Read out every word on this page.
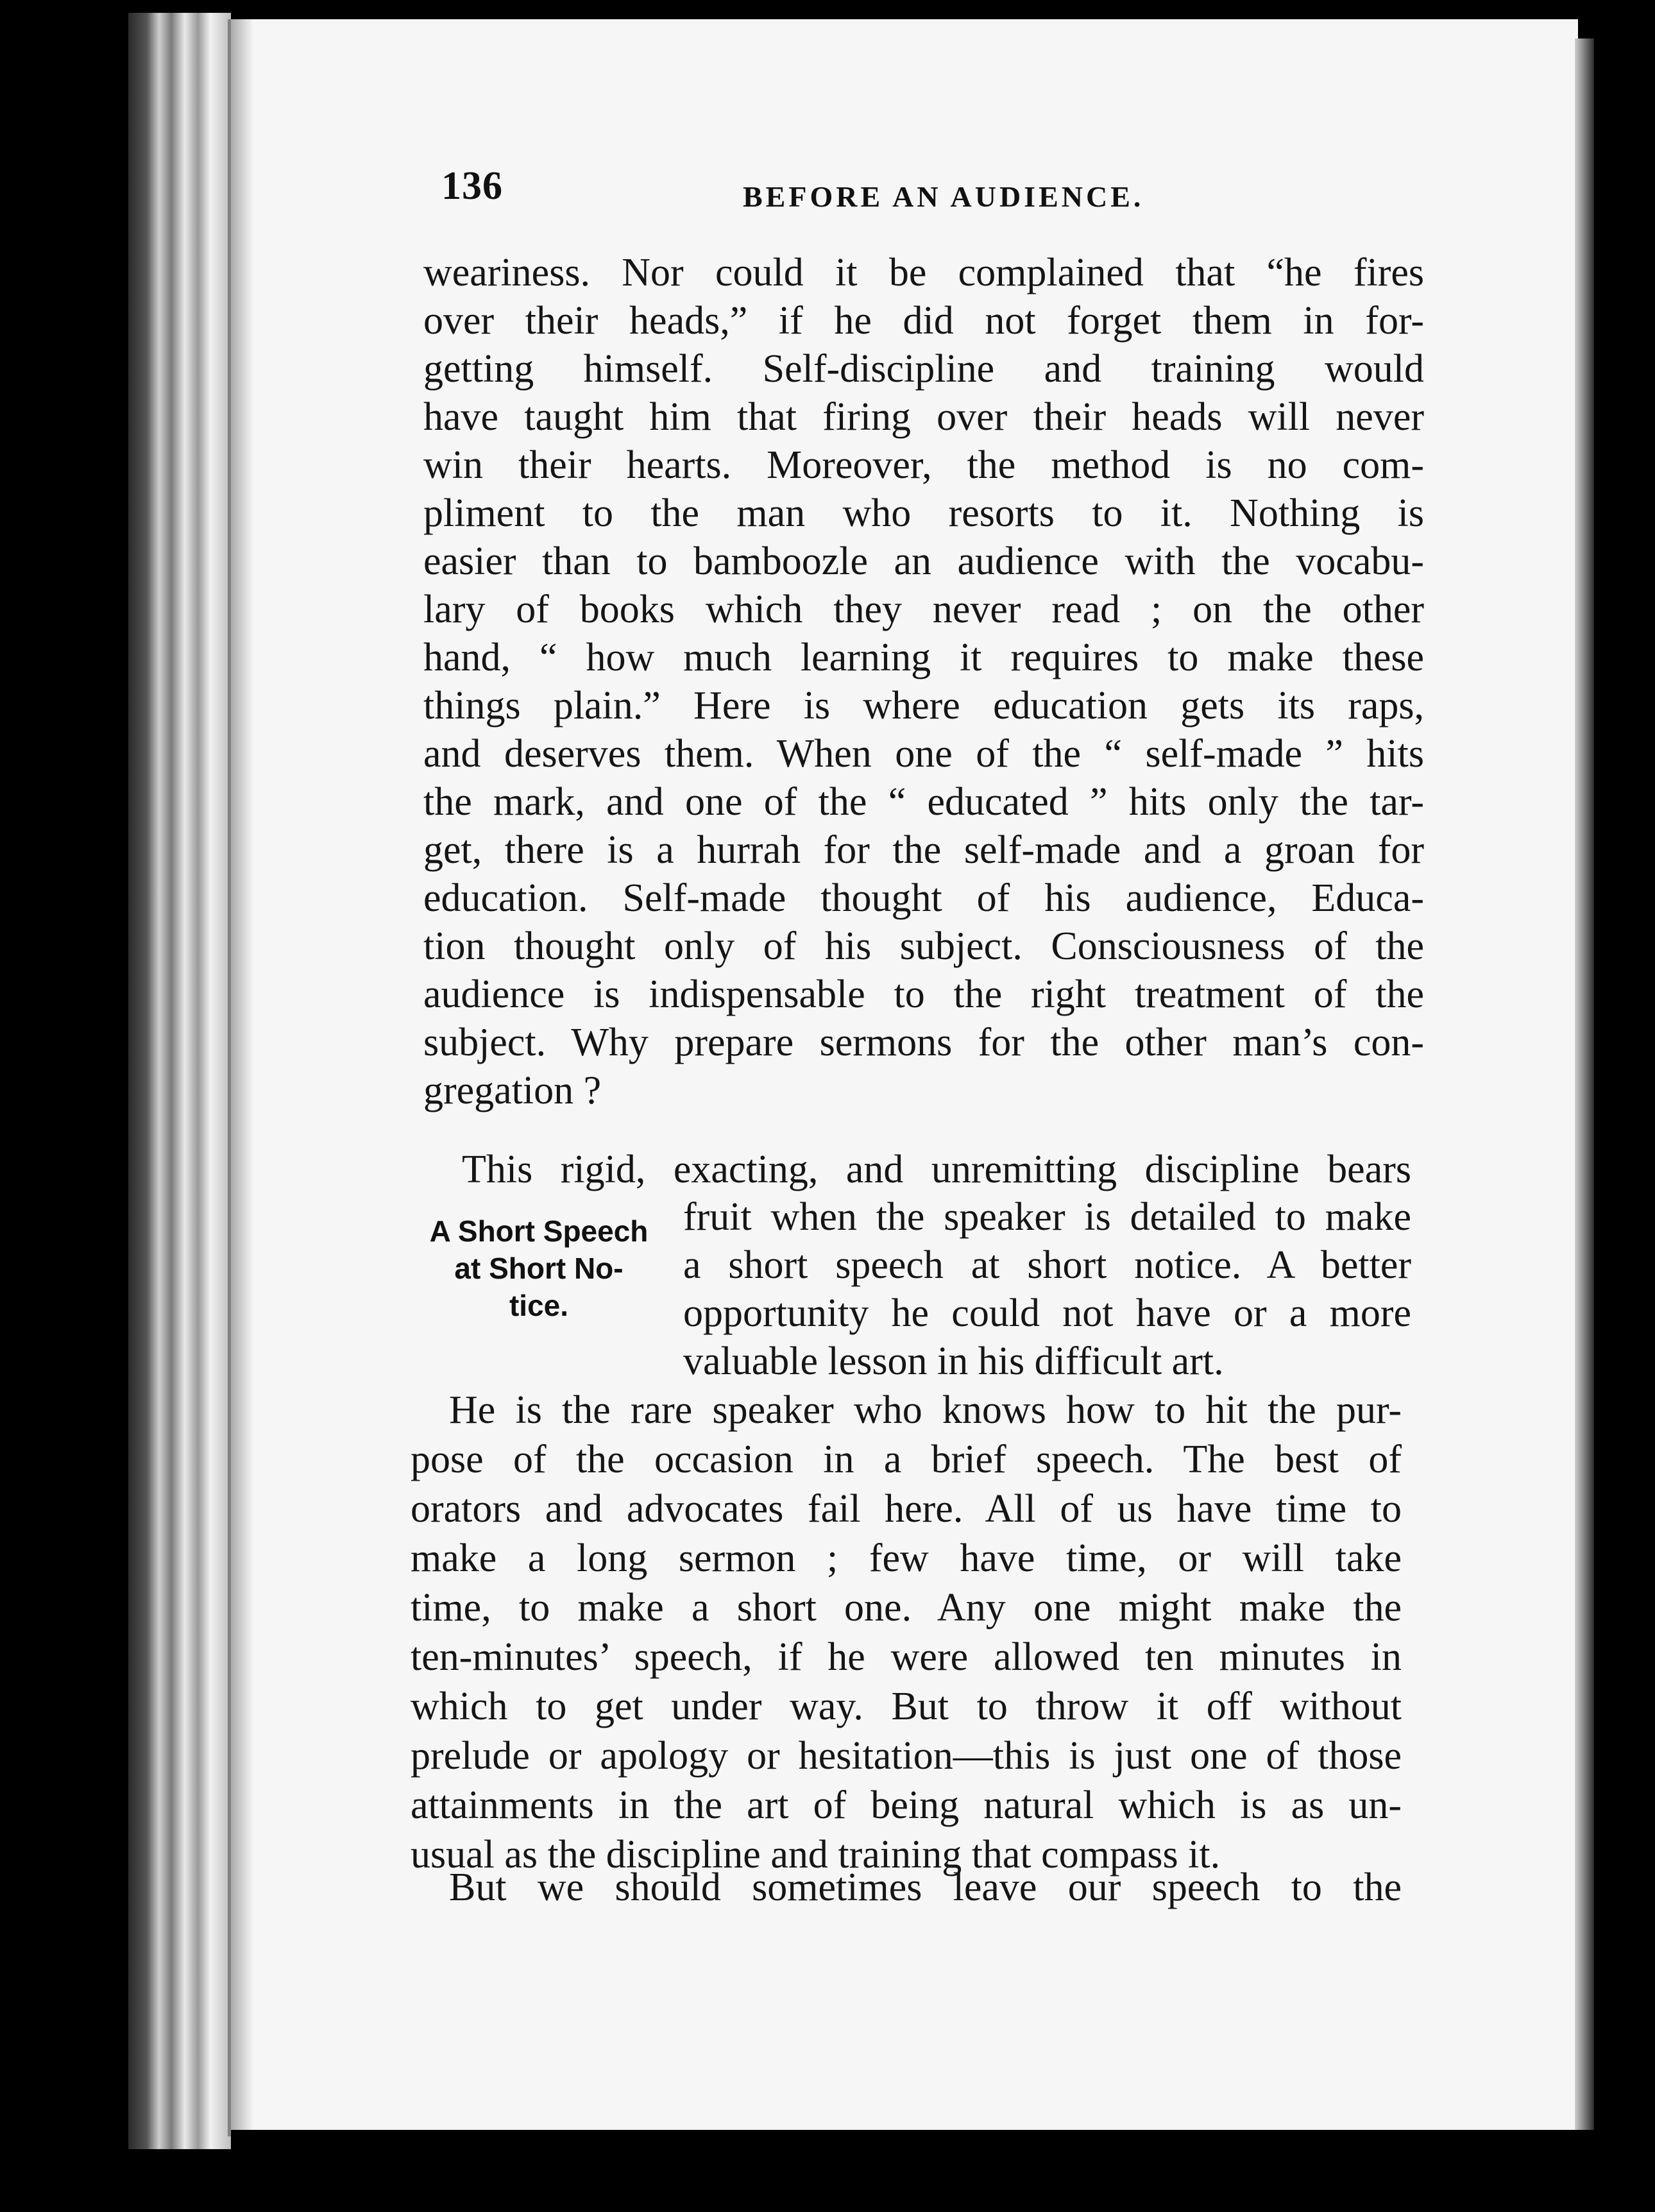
136	BEFORE AN AUDIENCE.
weariness. Nor could it be complained that “he fires
over their heads,” if he did not forget them in for-
getting himself. Self-discipline and training would
have taught him that firing over their heads will never
win their hearts. Moreover, the method is no com-
pliment to the man who resorts to it. Nothing is
easier than to bamboozle an audience with the vocabu-
lary of books which they never read ; on the other
hand, “ how much learning it requires to make these
things plain.” Here is where education gets its raps,
and deserves them. When one of the “ self-made ” hits
the mark, and one of the “ educated ” hits only the tar-
get, there is a hurrah for the self-made and a groan for
education. Self-made thought of his audience, Educa-
tion thought only of his subject. Consciousness of the
audience is indispensable to the right treatment of the
subject. Why prepare sermons for the other man’s con-
gregation ?
This rigid, exacting, and unremitting discipline bears
A Short Speech
at Short No-
tice.
fruit when the speaker is detailed to make
a short speech at short notice. A better
opportunity he could not have or a more
valuable lesson in his difficult art.
He is the rare speaker who knows how to hit the pur-
pose of the occasion in a brief speech. The best of
orators and advocates fail here. All of us have time to
make a long sermon ; few have time, or will take
time, to make a short one. Any one might make the
ten-minutes’ speech, if he were allowed ten minutes in
which to get under way. But to throw it off without
prelude or apology or hesitation—this is just one of those
attainments in the art of being natural which is as un-
usual as the discipline and training that compass it.
But we should sometimes leave our speech to the
